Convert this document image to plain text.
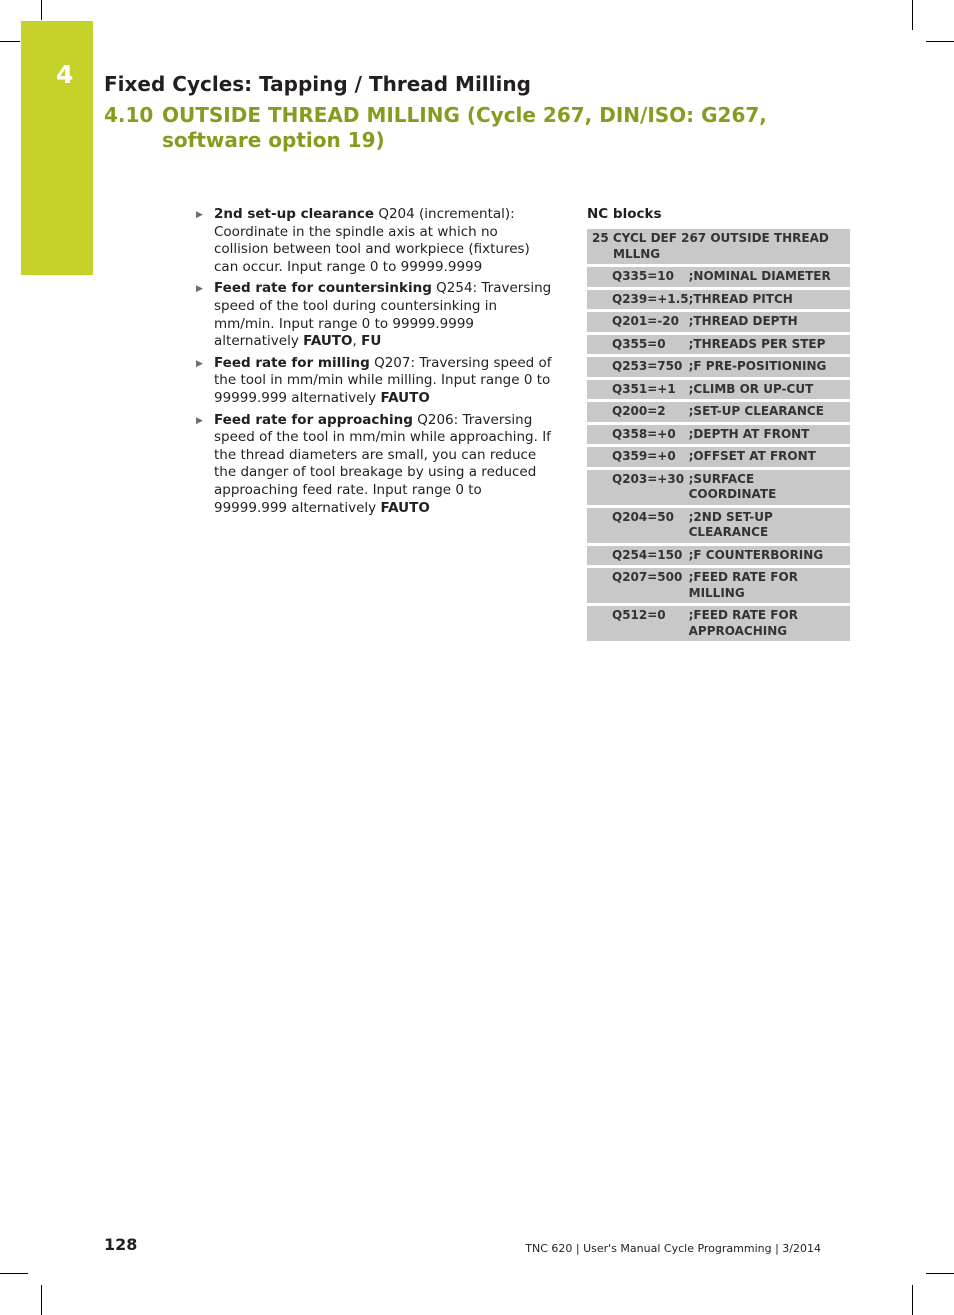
4 Fixed Cycles: Tapping / Thread Milling
4.10 OUTSIDE THREAD MILLING (Cycle 267, DIN/ISO: G267, software option 19)
▶ 2nd set-up clearance Q204 (incremental): Coordinate in the spindle axis at which no collision between tool and workpiece (fixtures) can occur. Input range 0 to 99999.9999
▶ Feed rate for countersinking Q254: Traversing speed of the tool during countersinking in mm/min. Input range 0 to 99999.9999 alternatively FAUTO, FU
▶ Feed rate for milling Q207: Traversing speed of the tool in mm/min while milling. Input range 0 to 99999.999 alternatively FAUTO
▶ Feed rate for approaching Q206: Traversing speed of the tool in mm/min while approaching. If the thread diameters are small, you can reduce the danger of tool breakage by using a reduced approaching feed rate. Input range 0 to 99999.999 alternatively FAUTO
NC blocks
25 CYCL DEF 267 OUTSIDE THREAD MLLNG	

Q335=10	;NOMINAL DIAMETER
Q239=+1.5	;THREAD PITCH
Q201=-20	;THREAD DEPTH
Q355=0	;THREADS PER STEP
Q253=750	;F PRE-POSITIONING
Q351=+1	;CLIMB OR UP-CUT
Q200=2	;SET-UP CLEARANCE
Q358=+0	;DEPTH AT FRONT
Q359=+0	;OFFSET AT FRONT
Q203=+30	;SURFACE COORDINATE
Q204=50	;2ND SET-UP CLEARANCE
Q254=150	;F COUNTERBORING
Q207=500	;FEED RATE FOR MILLING
Q512=0	;FEED RATE FOR APPROACHING
128	TNC 620 | User's Manual Cycle Programming | 3/2014
